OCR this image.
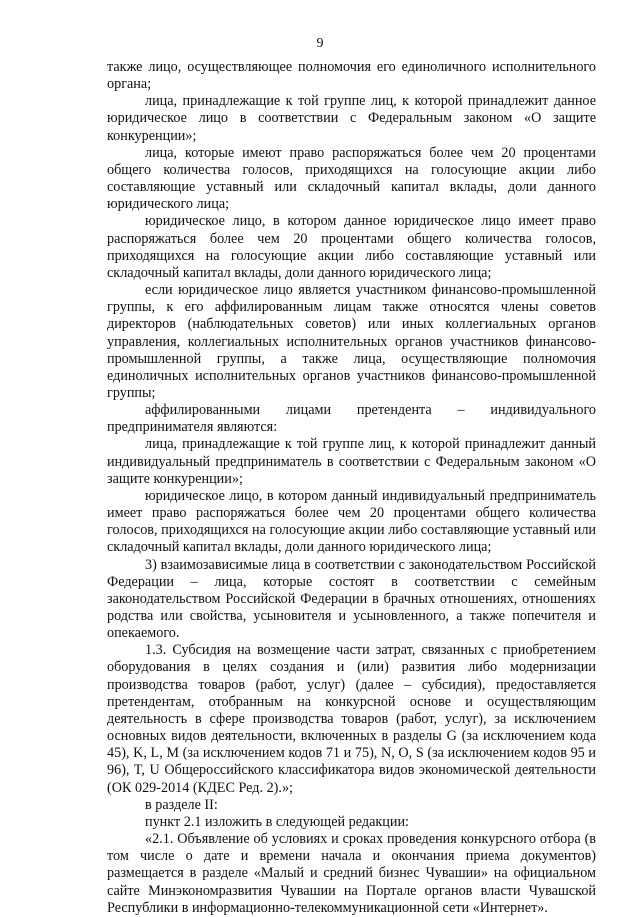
9

также лицо, осуществляющее полномочия его единоличного исполнительного органа;

лица, принадлежащие к той группе лиц, к которой принадлежит данное юридическое лицо в соответствии с Федеральным законом «О защите конкуренции»;

лица, которые имеют право распоряжаться более чем 20 процентами общего количества голосов, приходящихся на голосующие акции либо составляющие уставный или складочный капитал вклады, доли данного юридического лица;

юридическое лицо, в котором данное юридическое лицо имеет право распоряжаться более чем 20 процентами общего количества голосов, приходящихся на голосующие акции либо составляющие уставный или складочный капитал вклады, доли данного юридического лица;

если юридическое лицо является участником финансово-промышленной группы, к его аффилированным лицам также относятся члены советов директоров (наблюдательных советов) или иных коллегиальных органов управления, коллегиальных исполнительных органов участников финансово-промышленной группы, а также лица, осуществляющие полномочия единоличных исполнительных органов участников финансово-промышленной группы;

аффилированными лицами претендента – индивидуального предпринимателя являются:

лица, принадлежащие к той группе лиц, к которой принадлежит данный индивидуальный предприниматель в соответствии с Федеральным законом «О защите конкуренции»;

юридическое лицо, в котором данный индивидуальный предприниматель имеет право распоряжаться более чем 20 процентами общего количества голосов, приходящихся на голосующие акции либо составляющие уставный или складочный капитал вклады, доли данного юридического лица;

3) взаимозависимые лица в соответствии с законодательством Российской Федерации – лица, которые состоят в соответствии с семейным законодательством Российской Федерации в брачных отношениях, отношениях родства или свойства, усыновителя и усыновленного, а также попечителя и опекаемого.

1.3. Субсидия на возмещение части затрат, связанных с приобретением оборудования в целях создания и (или) развития либо модернизации производства товаров (работ, услуг) (далее – субсидия), предоставляется претендентам, отобранным на конкурсной основе и осуществляющим деятельность в сфере производства товаров (работ, услуг), за исключением основных видов деятельности, включенных в разделы G (за исключением кода 45), K, L, M (за исключением кодов 71 и 75), N, O, S (за исключением кодов 95 и 96), T, U Общероссийского классификатора видов экономической деятельности (ОК 029-2014 (КДЕС Ред. 2).»;

в разделе II:

пункт 2.1 изложить в следующей редакции:

«2.1. Объявление об условиях и сроках проведения конкурсного отбора (в том числе о дате и времени начала и окончания приема документов) размещается в разделе «Малый и средний бизнес Чувашии» на официальном сайте Минэкономразвития Чувашии на Портале органов власти Чувашской Республики в информационно-телекоммуникационной сети «Интернет».
